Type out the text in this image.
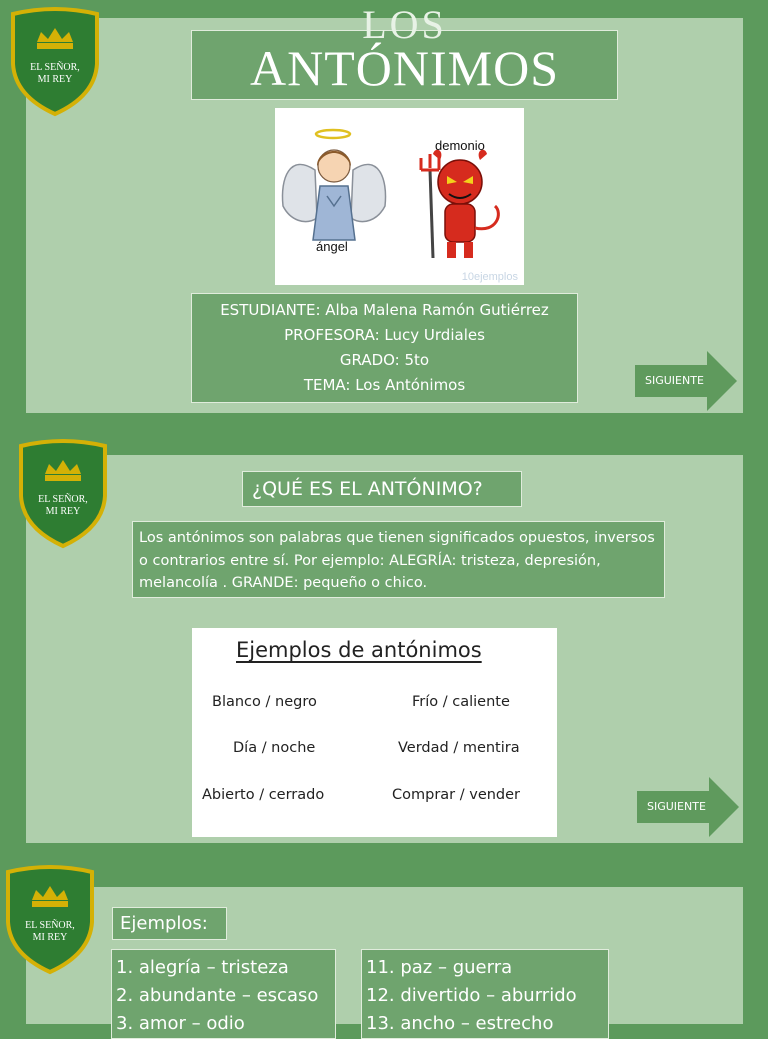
LOS
ANTÓNIMOS
ángel
demonio
10ejemplos
ESTUDIANTE: Alba Malena Ramón Gutiérrez
PROFESORA: Lucy Urdiales
GRADO: 5to
TEMA: Los Antónimos	SIGUIENTE
¿QUÉ ES EL ANTÓNIMO?
Los antónimos son palabras que tienen significados opuestos, inversos o contrarios entre sí. Por ejemplo: ALEGRÍA: tristeza, depresión, melancolía . GRANDE: pequeño o chico.
Ejemplos de antónimos
Blanco / negro	Frío / caliente
Día / noche	Verdad / mentira
Abierto / cerrado	Comprar / vender
SIGUIENTE
Ejemplos:
1. alegría – tristeza
2. abundante – escaso
3. amor – odio
11. paz – guerra
12. divertido – aburrido
13. ancho – estrecho
EL SEÑOR,
MI REY
EL SEÑOR,
MI REY
EL SEÑOR,
MI REY
